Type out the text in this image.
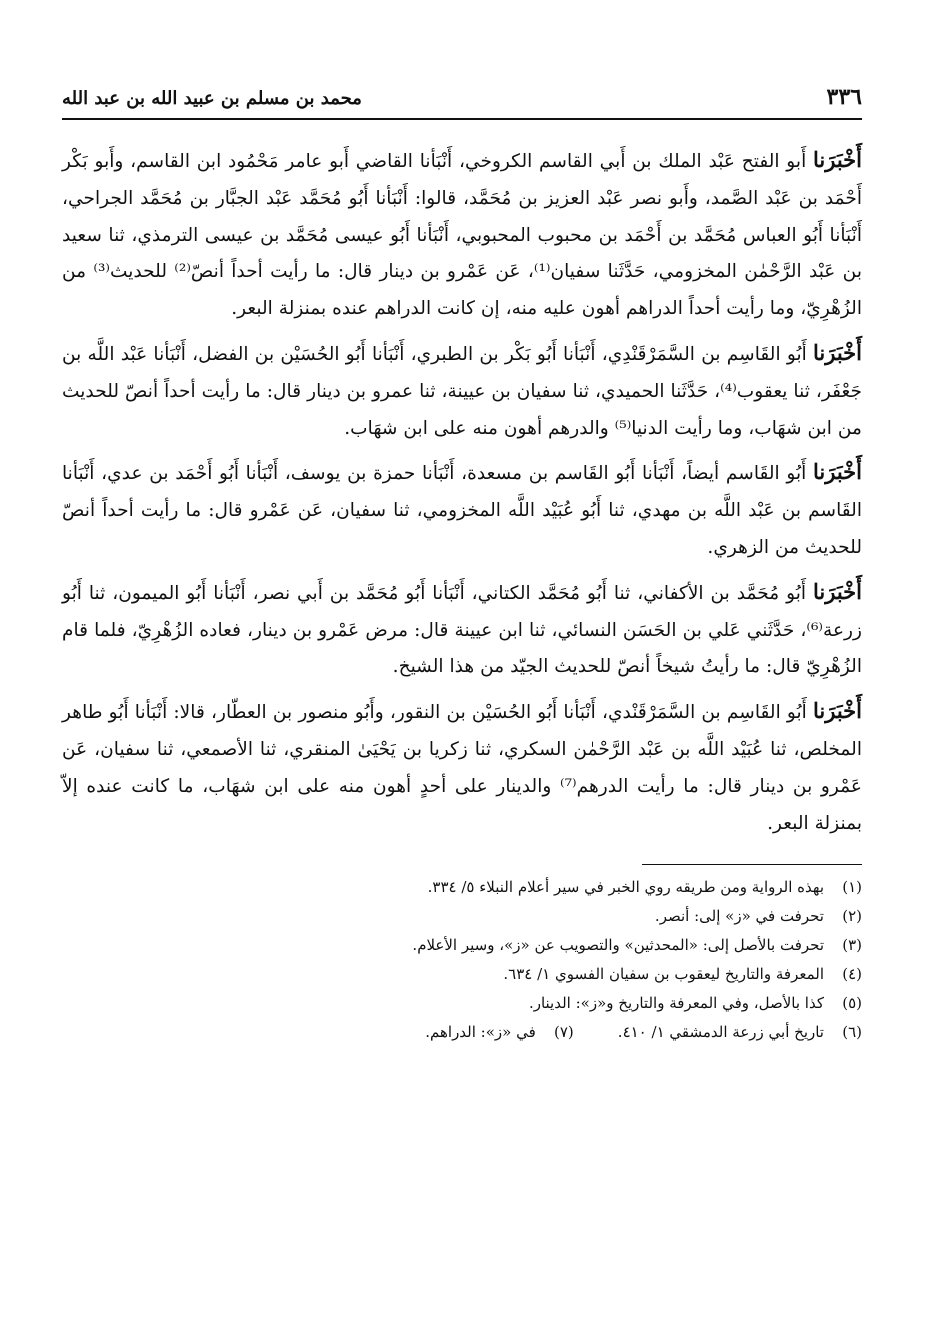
٣٣٦
محمد بن مسلم بن عبيد الله بن عبد الله

أَخْبَرَنا أَبو الفتح عَبْد الملك بن أَبي القاسم الكروخي، أَنْبَأنا القاضي أَبو عامر مَحْمُود ابن القاسم، وأَبو بَكْر أَحْمَد بن عَبْد الصَّمد، وأَبو نصر عَبْد العزيز بن مُحَمَّد، قالوا: أَنْبَأنا أَبُو مُحَمَّد عَبْد الجبَّار بن مُحَمَّد الجراحي، أَنْبَأنا أَبُو العباس مُحَمَّد بن أَحْمَد بن محبوب المحبوبي، أَنْبَأنا أَبُو عيسى مُحَمَّد بن عيسى الترمذي، ثنا سعيد بن عَبْد الرَّحْمٰن المخزومي، حَدَّثَنا سفيان⁽¹⁾، عَن عَمْرو بن دينار قال: ما رأيت أحداً أنصّ⁽²⁾ للحديث⁽³⁾ من الزُهْرِيّ، وما رأيت أحداً الدراهم أهون عليه منه، إن كانت الدراهم عنده بمنزلة البعر.

أَخْبَرَنا أَبُو القَاسِم بن السَّمَرْقَنْدِي، أَنْبَأنا أَبُو بَكْر بن الطبري، أَنْبَأنا أَبُو الحُسَيْن بن الفضل، أَنْبَأنا عَبْد اللَّه بن جَعْفَر، ثنا يعقوب⁽⁴⁾، حَدَّثَنا الحميدي، ثنا سفيان بن عيينة، ثنا عمرو بن دينار قال: ما رأيت أحداً أنصّ للحديث من ابن شهَاب، وما رأيت الدنيا⁽⁵⁾ والدرهم أهون منه على ابن شهَاب.

أَخْبَرَنا أَبُو القَاسم أيضاً، أَنْبَأنا أَبُو القَاسم بن مسعدة، أَنْبَأنا حمزة بن يوسف، أَنْبَأنا أَبُو أَحْمَد بن عدي، أَنْبَأنا القَاسم بن عَبْد اللَّه بن مهدي، ثنا أَبُو عُبَيْد اللَّه المخزومي، ثنا سفيان، عَن عَمْرو قال: ما رأيت أحداً أنصّ للحديث من الزهري.

أَخْبَرَنا أَبُو مُحَمَّد بن الأكفاني، ثنا أَبُو مُحَمَّد الكتاني، أَنْبَأنا أَبُو مُحَمَّد بن أَبي نصر، أَنْبَأنا أَبُو الميمون، ثنا أَبُو زرعة⁽⁶⁾، حَدَّثَني عَلي بن الحَسَن النسائي، ثنا ابن عيينة قال: مرض عَمْرو بن دينار، فعاده الزُهْرِيّ، فلما قام الزُهْرِيّ قال: ما رأيتُ شيخاً أنصّ للحديث الجيّد من هذا الشيخ.

أَخْبَرَنا أَبُو القَاسِم بن السَّمَرْقَنْدي، أَنْبَأنا أَبُو الحُسَيْن بن النقور، وأَبُو منصور بن العطّار، قالا: أَنْبَأنا أَبُو طاهر المخلص، ثنا عُبَيْد اللَّه بن عَبْد الرَّحْمٰن السكري، ثنا زكريا بن يَحْيَىٰ المنقري، ثنا الأصمعي، ثنا سفيان، عَن عَمْرو بن دينار قال: ما رأيت الدرهم⁽⁷⁾ والدينار على أحدٍ أهون منه على ابن شهَاب، ما كانت عنده إلاّ بمنزلة البعر.

(١)
بهذه الرواية ومن طريقه روي الخبر في سير أعلام النبلاء ٥/ ٣٣٤.
(٢)
تحرفت في «ز» إلى: أنصر.
(٣)
تحرفت بالأصل إلى: «المحدثين» والتصويب عن «ز»، وسير الأعلام.
(٤)
المعرفة والتاريخ ليعقوب بن سفيان الفسوي ١/ ٦٣٤.
(٥)
كذا بالأصل، وفي المعرفة والتاريخ و«ز»: الدينار.
(٦)
تاريخ أبي زرعة الدمشقي ١/ ٤١٠.
(٧)
في «ز»: الدراهم.
